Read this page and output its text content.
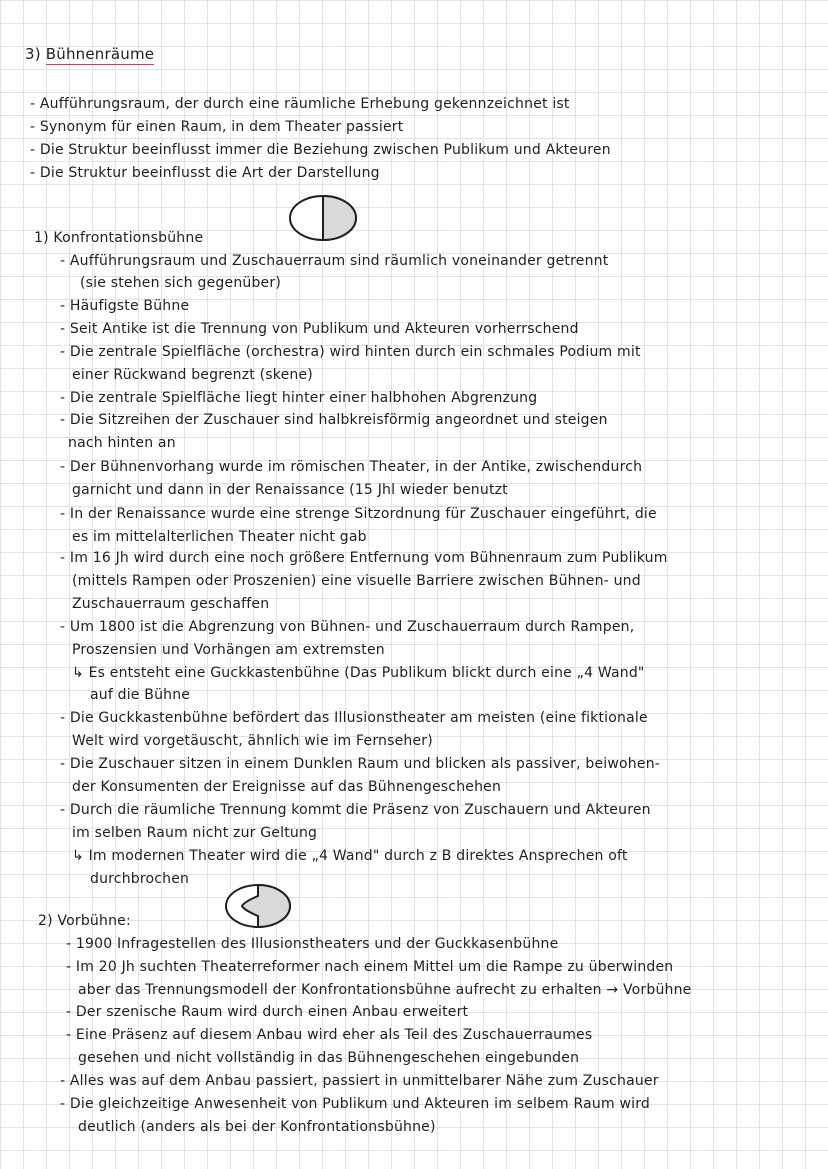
3) Bühnenräume
- Aufführungsraum, der durch eine räumliche Erhebung gekennzeichnet ist
- Synonym für einen Raum, in dem Theater passiert
- Die Struktur beeinflusst immer die Beziehung zwischen Publikum und Akteuren
- Die Struktur beeinflusst die Art der Darstellung
1) Konfrontationsbühne
- Aufführungsraum und Zuschauerraum sind räumlich voneinander getrennt
(sie stehen sich gegenüber)
- Häufigste Bühne
- Seit Antike ist die Trennung von Publikum und Akteuren vorherrschend
- Die zentrale Spielfläche (orchestra) wird hinten durch ein schmales Podium mit
einer Rückwand begrenzt (skene)
- Die zentrale Spielfläche liegt hinter einer halbhohen Abgrenzung
- Die Sitzreihen der Zuschauer sind halbkreisförmig angeordnet und steigen
nach hinten an
- Der Bühnenvorhang wurde im römischen Theater, in der Antike, zwischendurch
garnicht und dann in der Renaissance (15 Jhl wieder benutzt
- In der Renaissance wurde eine strenge Sitzordnung für Zuschauer eingeführt, die
es im mittelalterlichen Theater nicht gab
- Im 16 Jh wird durch eine noch größere Entfernung vom Bühnenraum zum Publikum
(mittels Rampen oder Proszenien) eine visuelle Barriere zwischen Bühnen- und
Zuschauerraum geschaffen
- Um 1800 ist die Abgrenzung von Bühnen- und Zuschauerraum durch Rampen,
Proszensien und Vorhängen am extremsten
↳ Es entsteht eine Guckkastenbühne (Das Publikum blickt durch eine „4 Wand"
auf die Bühne
- Die Guckkastenbühne befördert das Illusionstheater am meisten (eine fiktionale
Welt wird vorgetäuscht, ähnlich wie im Fernseher)
- Die Zuschauer sitzen in einem Dunklen Raum und blicken als passiver, beiwohen-
der Konsumenten der Ereignisse auf das Bühnengeschehen
- Durch die räumliche Trennung kommt die Präsenz von Zuschauern und Akteuren
im selben Raum nicht zur Geltung
↳ Im modernen Theater wird die „4 Wand" durch z B direktes Ansprechen oft
durchbrochen
2) Vorbühne:
- 1900 Infragestellen des Illusionstheaters und der Guckkasenbühne
- Im 20 Jh suchten Theaterreformer nach einem Mittel um die Rampe zu überwinden
aber das Trennungsmodell der Konfrontationsbühne aufrecht zu erhalten → Vorbühne
- Der szenische Raum wird durch einen Anbau erweitert
- Eine Präsenz auf diesem Anbau wird eher als Teil des Zuschauerraumes
gesehen und nicht vollständig in das Bühnengeschehen eingebunden
- Alles was auf dem Anbau passiert, passiert in unmittelbarer Nähe zum Zuschauer
- Die gleichzeitige Anwesenheit von Publikum und Akteuren im selbem Raum wird
deutlich (anders als bei der Konfrontationsbühne)
